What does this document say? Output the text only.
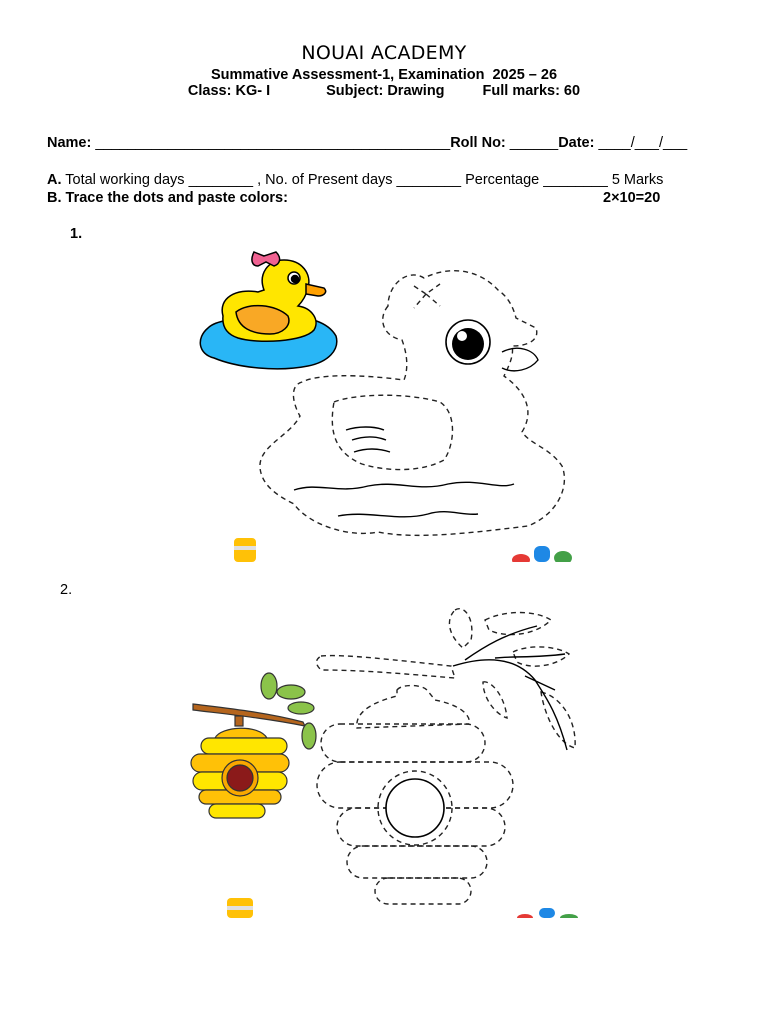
NOUAI ACADEMY
Summative Assessment-1, Examination  2025 – 26
Class: KG- I	Subject: Drawing	Full marks: 60
Name: ____________________________________________Roll No: ______Date: ____/___/___
A. Total working days ________ , No. of Present days ________ Percentage ________ 5 Marks
B. Trace the dots and paste colors:	2×10=20
1.
2.
